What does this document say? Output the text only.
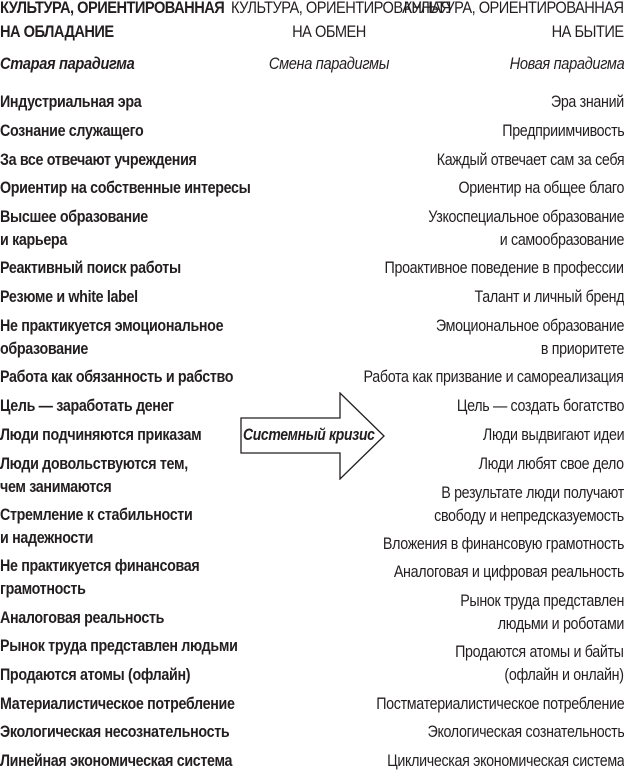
КУЛЬТУРА, ОРИЕНТИРОВАННАЯ
НА ОБЛАДАНИЕ
КУЛЬТУРА, ОРИЕНТИРОВАННАЯ
НА ОБМЕН
КУЛЬТУРА, ОРИЕНТИРОВАННАЯ
НА БЫТИЕ
Старая парадигма	Смена парадигмы	Новая парадигма
Индустриальная эра
Сознание служащего
За все отвечают учреждения
Ориентир на собственные интересы
Высшее образование
и карьера
Реактивный поиск работы
Резюме и white label
Не практикуется эмоциональное
образование
Работа как обязанность и рабство
Цель — заработать денег
Люди подчиняются приказам
Люди довольствуются тем,
чем занимаются
Стремление к стабильности
и надежности
Не практикуется финансовая
грамотность
Аналоговая реальность
Рынок труда представлен людьми
Продаются атомы (офлайн)
Материалистическое потребление
Экологическая несознательность
Линейная экономическая система
Эра знаний
Предприимчивость
Каждый отвечает сам за себя
Ориентир на общее благо
Узкоспециальное образование
и самообразование
Проактивное поведение в профессии
Талант и личный бренд
Эмоциональное образование
в приоритете
Работа как призвание и самореализация
Цель — создать богатство
Люди выдвигают идеи
Люди любят свое дело
В результате люди получают
свободу и непредсказуемость
Вложения в финансовую грамотность
Аналоговая и цифровая реальность
Рынок труда представлен
людьми и роботами
Продаются атомы и байты
(офлайн и онлайн)
Постматериалистическое потребление
Экологическая сознательность
Циклическая экономическая система
Системный кризис
